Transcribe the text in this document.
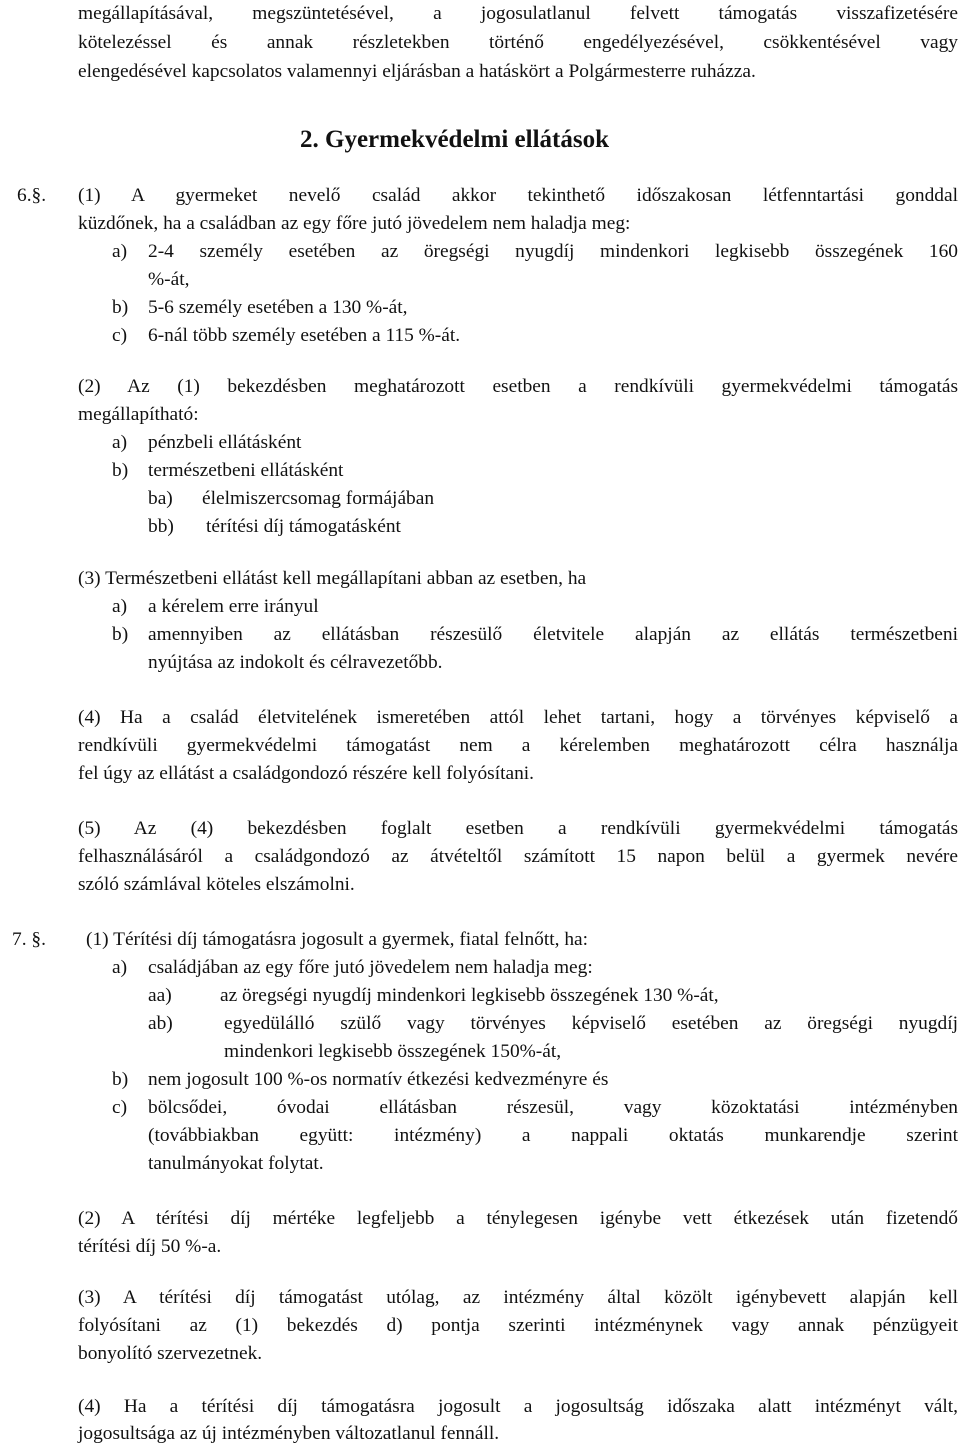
megállapításával, megszüntetésével, a jogosulatlanul felvett támogatás visszafizetésére
kötelezéssel és annak részletekben történő engedélyezésével, csökkentésével vagy
elengedésével kapcsolatos valamennyi eljárásban a hatáskört a Polgármesterre ruházza.
2. Gyermekvédelmi ellátások
6.§. (1) A gyermeket nevelő család akkor tekinthető időszakosan létfenntartási gonddal
küzdőnek, ha a családban az egy főre jutó jövedelem nem haladja meg:
a) 2-4 személy esetében az öregségi nyugdíj mindenkori legkisebb összegének 160
%-át,
b) 5-6 személy esetében a 130 %-át,
c) 6-nál több személy esetében a 115 %-át.
(2) Az (1) bekezdésben meghatározott esetben a rendkívüli gyermekvédelmi támogatás
megállapítható:
a) pénzbeli ellátásként
b) természetbeni ellátásként
ba) élelmiszercsomag formájában
bb) térítési díj támogatásként
(3) Természetbeni ellátást kell megállapítani abban az esetben, ha
a) a kérelem erre irányul
b) amennyiben az ellátásban részesülő életvitele alapján az ellátás természetbeni
nyújtása az indokolt és célravezetőbb.
(4) Ha a család életvitelének ismeretében attól lehet tartani, hogy a törvényes képviselő a
rendkívüli gyermekvédelmi támogatást nem a kérelemben meghatározott célra használja
fel úgy az ellátást a családgondozó részére kell folyósítani.
(5) Az (4) bekezdésben foglalt esetben a rendkívüli gyermekvédelmi támogatás
felhasználásáról a családgondozó az átvételtől számított 15 napon belül a gyermek nevére
szóló számlával köteles elszámolni.
7. §. (1) Térítési díj támogatásra jogosult a gyermek, fiatal felnőtt, ha:
a) családjában az egy főre jutó jövedelem nem haladja meg:
aa) az öregségi nyugdíj mindenkori legkisebb összegének 130 %-át,
ab)	egyedülálló szülő vagy törvényes képviselő esetében az öregségi nyugdíj
mindenkori legkisebb összegének 150%-át,
b) nem jogosult 100 %-os normatív étkezési kedvezményre és
c) bölcsődei, óvodai ellátásban részesül, vagy közoktatási intézményben
(továbbiakban együtt: intézmény) a nappali oktatás munkarendje szerint
tanulmányokat folytat.
(2) A térítési díj mértéke legfeljebb a ténylegesen igénybe vett étkezések után fizetendő
térítési díj 50 %-a.
(3) A térítési díj támogatást utólag, az intézmény által közölt igénybevett alapján kell
folyósítani az (1) bekezdés d) pontja szerinti intézménynek vagy annak pénzügyeit
bonyolító szervezetnek.
(4) Ha a térítési díj támogatásra jogosult a jogosultság időszaka alatt intézményt vált,
jogosultsága az új intézményben változatlanul fennáll.
